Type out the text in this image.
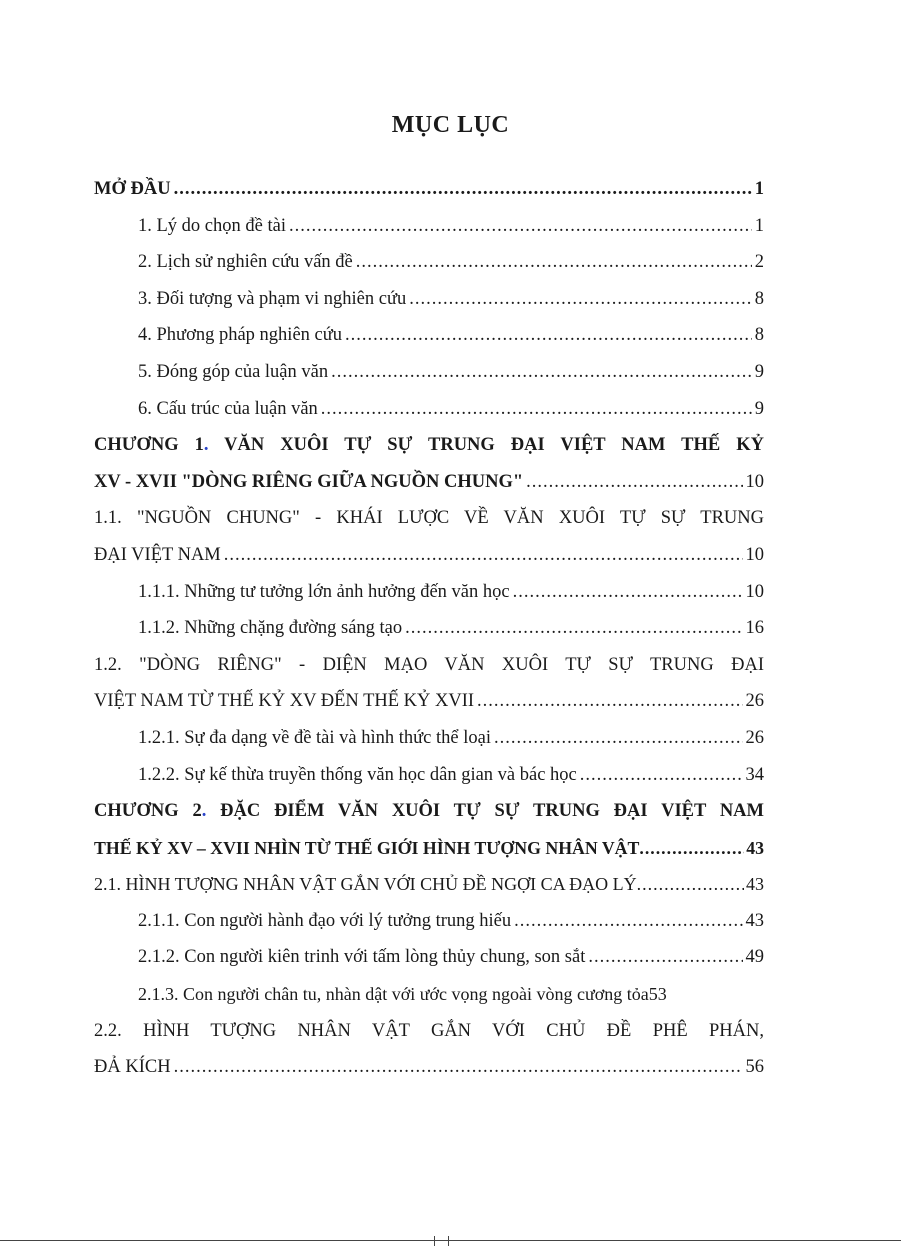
MỤC LỤC
MỞ ĐẦU .....	1
1. Lý do chọn đề tài .....	1
2. Lịch sử nghiên cứu vấn đề .....	2
3. Đối tượng và phạm vi nghiên cứu .....	8
4. Phương pháp nghiên cứu .....	8
5. Đóng góp của luận văn .....	9
6. Cấu trúc của luận văn .....	9
CHƯƠNG 1. VĂN XUÔI TỰ SỰ TRUNG ĐẠI VIỆT NAM THẾ KỶ
XV - XVII "DÒNG RIÊNG GIỮA NGUỒN CHUNG" .....	10
1.1. "NGUỒN CHUNG" - KHÁI LƯỢC VỀ VĂN XUÔI TỰ SỰ TRUNG
ĐẠI VIỆT NAM .....	10
1.1.1. Những tư tưởng lớn ảnh hưởng đến văn học .....	10
1.1.2. Những chặng đường sáng tạo .....	16
1.2. "DÒNG RIÊNG" - DIỆN MẠO VĂN XUÔI TỰ SỰ TRUNG ĐẠI
VIỆT NAM TỪ THẾ KỶ XV ĐẾN THẾ KỶ XVII .....	26
1.2.1. Sự đa dạng về đề tài và hình thức thể loại .....	26
1.2.2. Sự kế thừa truyền thống văn học dân gian và bác học .....	34
CHƯƠNG 2. ĐẶC ĐIỂM VĂN XUÔI TỰ SỰ TRUNG ĐẠI VIỆT NAM
THẾ KỶ XV – XVII NHÌN TỪ THẾ GIỚI HÌNH TƯỢNG NHÂN VẬT .....	43
2.1. HÌNH TƯỢNG NHÂN VẬT GẮN VỚI CHỦ ĐỀ NGỢI CA ĐẠO LÝ .....	43
2.1.1. Con người hành đạo với lý tưởng trung hiếu .....	43
2.1.2. Con người kiên trinh với tấm lòng thủy chung, son sắt .....	49
2.1.3. Con người chân tu, nhàn dật với ước vọng ngoài vòng cương tỏa 53
2.2. HÌNH TƯỢNG NHÂN VẬT GẮN VỚI CHỦ ĐỀ PHÊ PHÁN,
ĐẢ KÍCH .....	56
